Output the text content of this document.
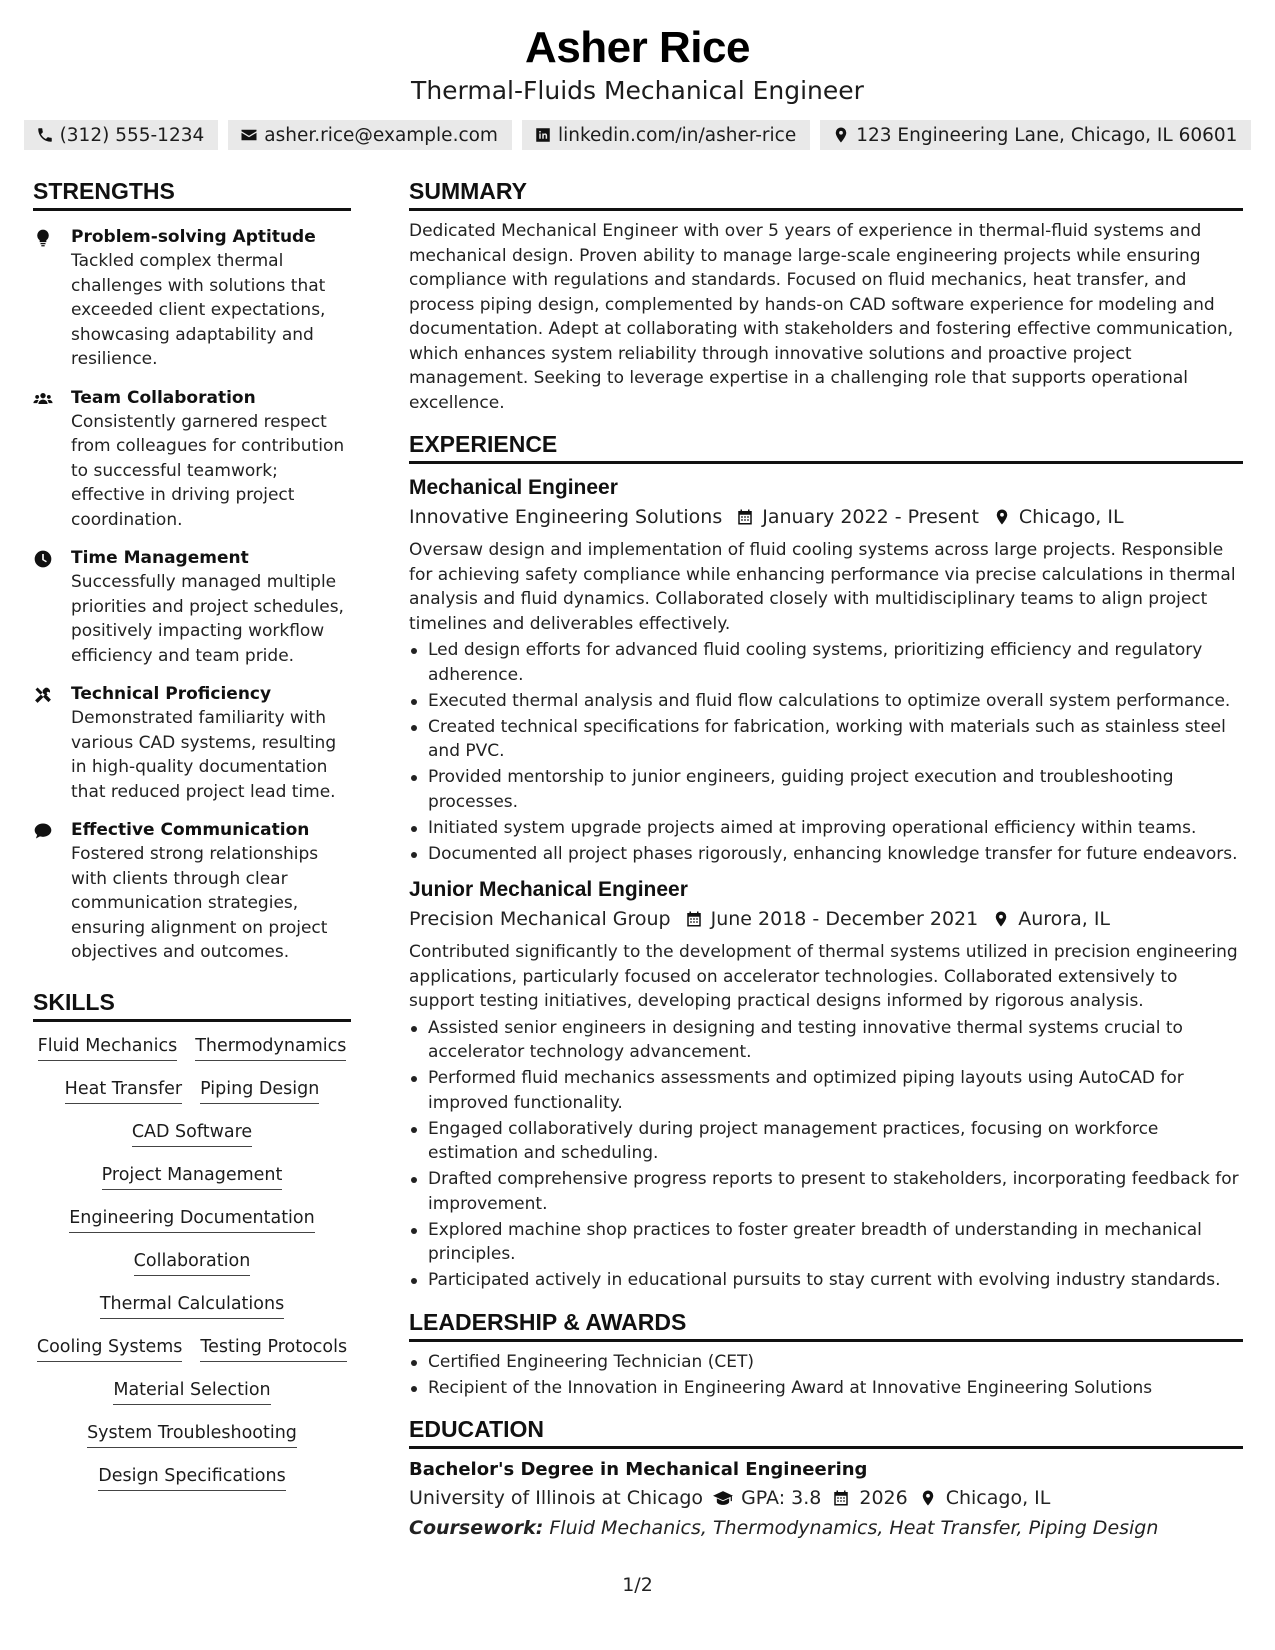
Asher Rice
Thermal-Fluids Mechanical Engineer
(312) 555-1234	asher.rice@example.com	linkedin.com/in/asher-rice	123 Engineering Lane, Chicago, IL 60601
STRENGTHS
Problem-solving Aptitude
Tackled complex thermal challenges with solutions that exceeded client expectations, showcasing adaptability and resilience.
Team Collaboration
Consistently garnered respect from colleagues for contribution to successful teamwork; effective in driving project coordination.
Time Management
Successfully managed multiple priorities and project schedules, positively impacting workflow efficiency and team pride.
Technical Proficiency
Demonstrated familiarity with various CAD systems, resulting in high-quality documentation that reduced project lead time.
Effective Communication
Fostered strong relationships with clients through clear communication strategies, ensuring alignment on project objectives and outcomes.
SKILLS
Fluid Mechanics Thermodynamics
Heat Transfer Piping Design
CAD Software
Project Management
Engineering Documentation
Collaboration
Thermal Calculations
Cooling Systems Testing Protocols
Material Selection
System Troubleshooting
Design Specifications
SUMMARY
Dedicated Mechanical Engineer with over 5 years of experience in thermal-fluid systems and mechanical design. Proven ability to manage large-scale engineering projects while ensuring compliance with regulations and standards. Focused on fluid mechanics, heat transfer, and process piping design, complemented by hands-on CAD software experience for modeling and documentation. Adept at collaborating with stakeholders and fostering effective communication, which enhances system reliability through innovative solutions and proactive project management. Seeking to leverage expertise in a challenging role that supports operational excellence.
EXPERIENCE
Mechanical Engineer
Innovative Engineering Solutions January 2022 - Present Chicago, IL
Oversaw design and implementation of fluid cooling systems across large projects. Responsible for achieving safety compliance while enhancing performance via precise calculations in thermal analysis and fluid dynamics. Collaborated closely with multidisciplinary teams to align project timelines and deliverables effectively.
Led design efforts for advanced fluid cooling systems, prioritizing efficiency and regulatory adherence.
Executed thermal analysis and fluid flow calculations to optimize overall system performance.
Created technical specifications for fabrication, working with materials such as stainless steel and PVC.
Provided mentorship to junior engineers, guiding project execution and troubleshooting processes.
Initiated system upgrade projects aimed at improving operational efficiency within teams.
Documented all project phases rigorously, enhancing knowledge transfer for future endeavors.
Junior Mechanical Engineer
Precision Mechanical Group June 2018 - December 2021 Aurora, IL
Contributed significantly to the development of thermal systems utilized in precision engineering applications, particularly focused on accelerator technologies. Collaborated extensively to support testing initiatives, developing practical designs informed by rigorous analysis.
Assisted senior engineers in designing and testing innovative thermal systems crucial to accelerator technology advancement.
Performed fluid mechanics assessments and optimized piping layouts using AutoCAD for improved functionality.
Engaged collaboratively during project management practices, focusing on workforce estimation and scheduling.
Drafted comprehensive progress reports to present to stakeholders, incorporating feedback for improvement.
Explored machine shop practices to foster greater breadth of understanding in mechanical principles.
Participated actively in educational pursuits to stay current with evolving industry standards.
LEADERSHIP & AWARDS
Certified Engineering Technician (CET)
Recipient of the Innovation in Engineering Award at Innovative Engineering Solutions
EDUCATION
Bachelor's Degree in Mechanical Engineering
University of Illinois at Chicago GPA: 3.8 2026 Chicago, IL
Coursework: Fluid Mechanics, Thermodynamics, Heat Transfer, Piping Design
1/2
